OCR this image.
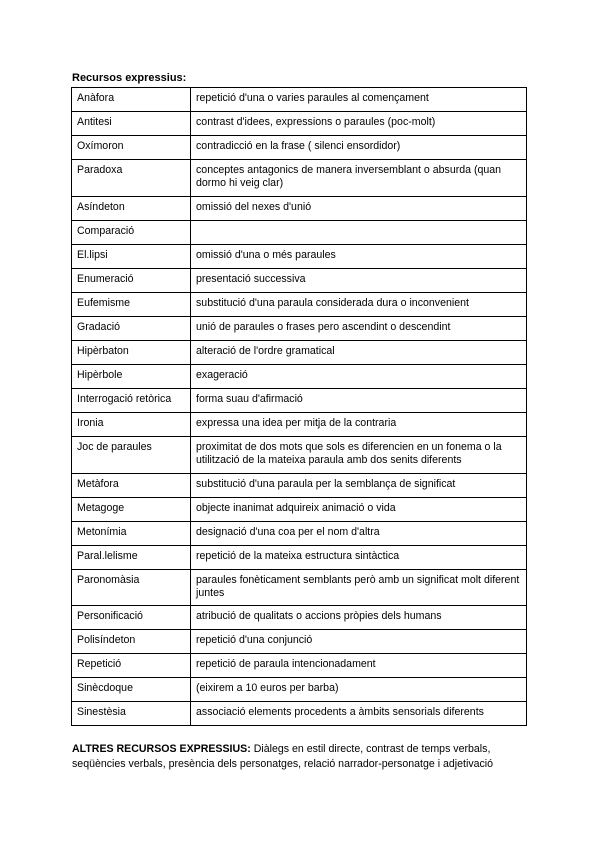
Recursos expressius:
Anàfora	repetició d'una o varies paraules al començament
Antitesi	contrast d'idees, expressions o paraules (poc-molt)
Oxímoron	contradicció en la frase ( silenci ensordidor)
Paradoxa	conceptes antagonics de manera inversemblant o absurda (quan dormo hi veig clar)
Asíndeton	omissió del nexes d'unió
Comparació	
El.lipsi	omissió d'una o més paraules
Enumeració	presentació successiva
Eufemisme	substitució d'una paraula considerada dura o inconvenient
Gradació	unió de paraules o frases pero ascendint o descendint
Hipèrbaton	alteració de l'ordre gramatical
Hipèrbole	exageració
Interrogació retòrica	forma suau d'afirmació
Ironia	expressa una idea per mitja de la contraria
Joc de paraules	proximitat de dos mots que sols es diferencien en un fonema o la utilització de la mateixa paraula amb dos senits diferents
Metàfora	substitució d'una paraula per la semblança de significat
Metagoge	objecte inanimat adquireix animació o vida
Metonímia	designació d'una coa per el nom d'altra
Paral.lelisme	repetició de la mateixa estructura sintàctica
Paronomàsia	paraules fonèticament semblants però amb un significat molt diferent juntes
Personificació	atribució de qualitats o accions pròpies dels humans
Polisíndeton	repetició d'una conjunció
Repetició	repetició de paraula intencionadament
Sinècdoque	(eixirem a 10 euros per barba)
Sinestèsia	associació elements procedents a àmbits sensorials diferents

ALTRES RECURSOS EXPRESSIUS: Diàlegs en estil directe, contrast de temps verbals, seqüències verbals, presència dels personatges, relació narrador-personatge i adjetivació
